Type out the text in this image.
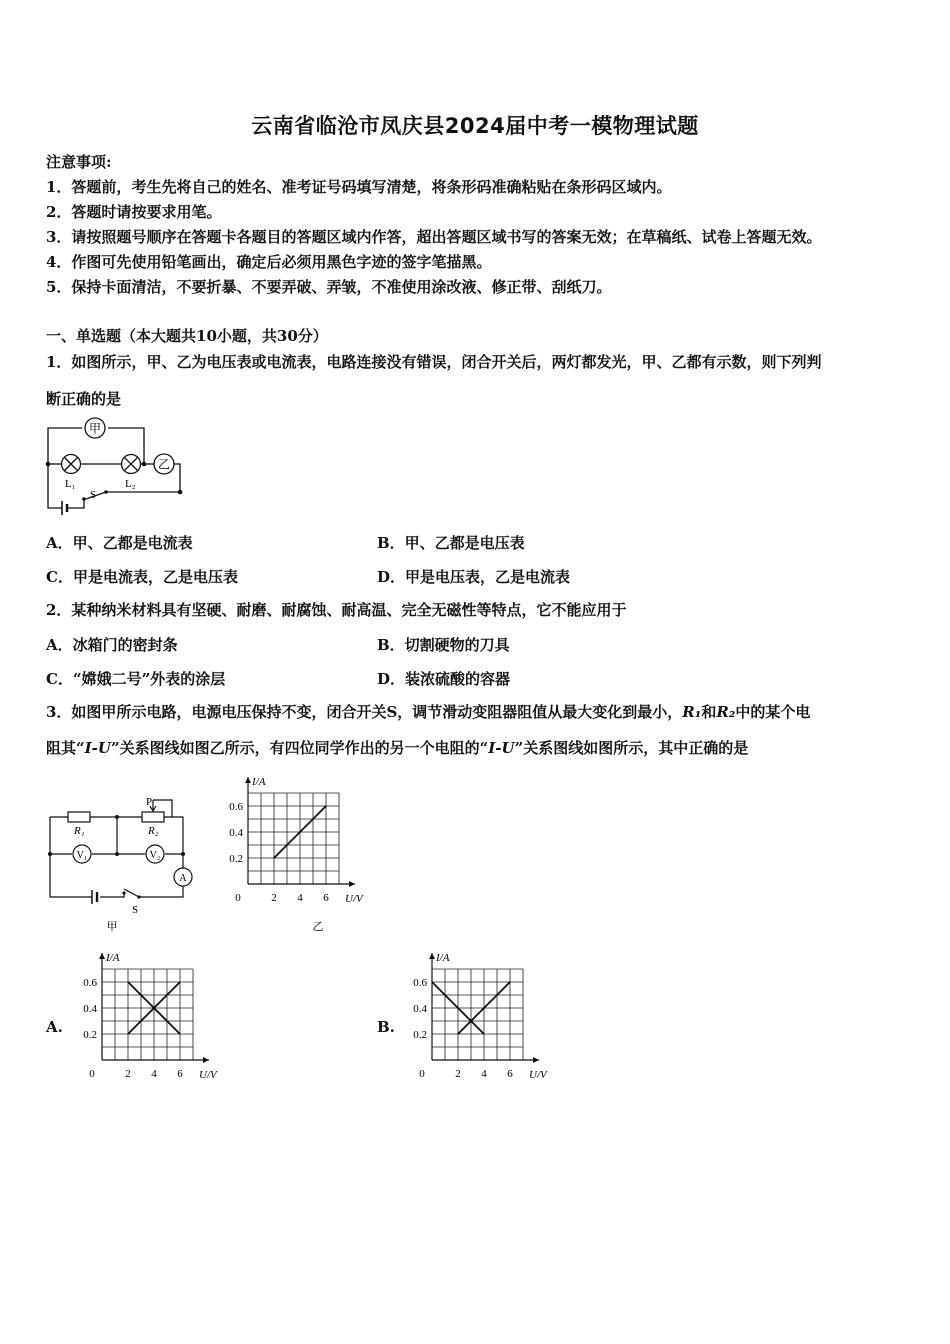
云南省临沧市凤庆县2024届中考一模物理试题
注意事项:
1．答题前，考生先将自己的姓名、准考证号码填写清楚，将条形码准确粘贴在条形码区域内。
2．答题时请按要求用笔。
3．请按照题号顺序在答题卡各题目的答题区域内作答，超出答题区域书写的答案无效；在草稿纸、试卷上答题无效。
4．作图可先使用铅笔画出，确定后必须用黑色字迹的签字笔描黑。
5．保持卡面清洁，不要折暴、不要弄破、弄皱，不准使用涂改液、修正带、刮纸刀。
一、单选题（本大题共10小题，共30分）
1．如图所示，甲、乙为电压表或电流表，电路连接没有错误，闭合开关后，两灯都发光，甲、乙都有示数，则下列判
断正确的是
甲
乙
L₁	L₂
S
A．甲、乙都是电流表	B．甲、乙都是电压表
C．甲是电流表，乙是电压表	D．甲是电压表，乙是电流表
2．某种纳米材料具有坚硬、耐磨、耐腐蚀、耐高温、完全无磁性等特点，它不能应用于
A．冰箱门的密封条	B．切割硬物的刀具
C．“嫦娥二号”外表的涂层	D．装浓硫酸的容器
3．如图甲所示电路，电源电压保持不变，闭合开关S，调节滑动变阻器阻值从最大变化到最小，R₁和R₂中的某个电
阻其“I-U”关系图线如图乙所示，有四位同学作出的另一个电阻的“I-U”关系图线如图所示，其中正确的是
P
R₁	R₂
V₁	V₂
A
S
甲
I/A
U/V
0
0.6
0.4
0.2
2 4 6
乙
A.
I/A
U/V
0
0.6
0.4
0.2
2 4 6
B.
I/A
U/V
0
0.6
0.4
0.2
2 4 6
